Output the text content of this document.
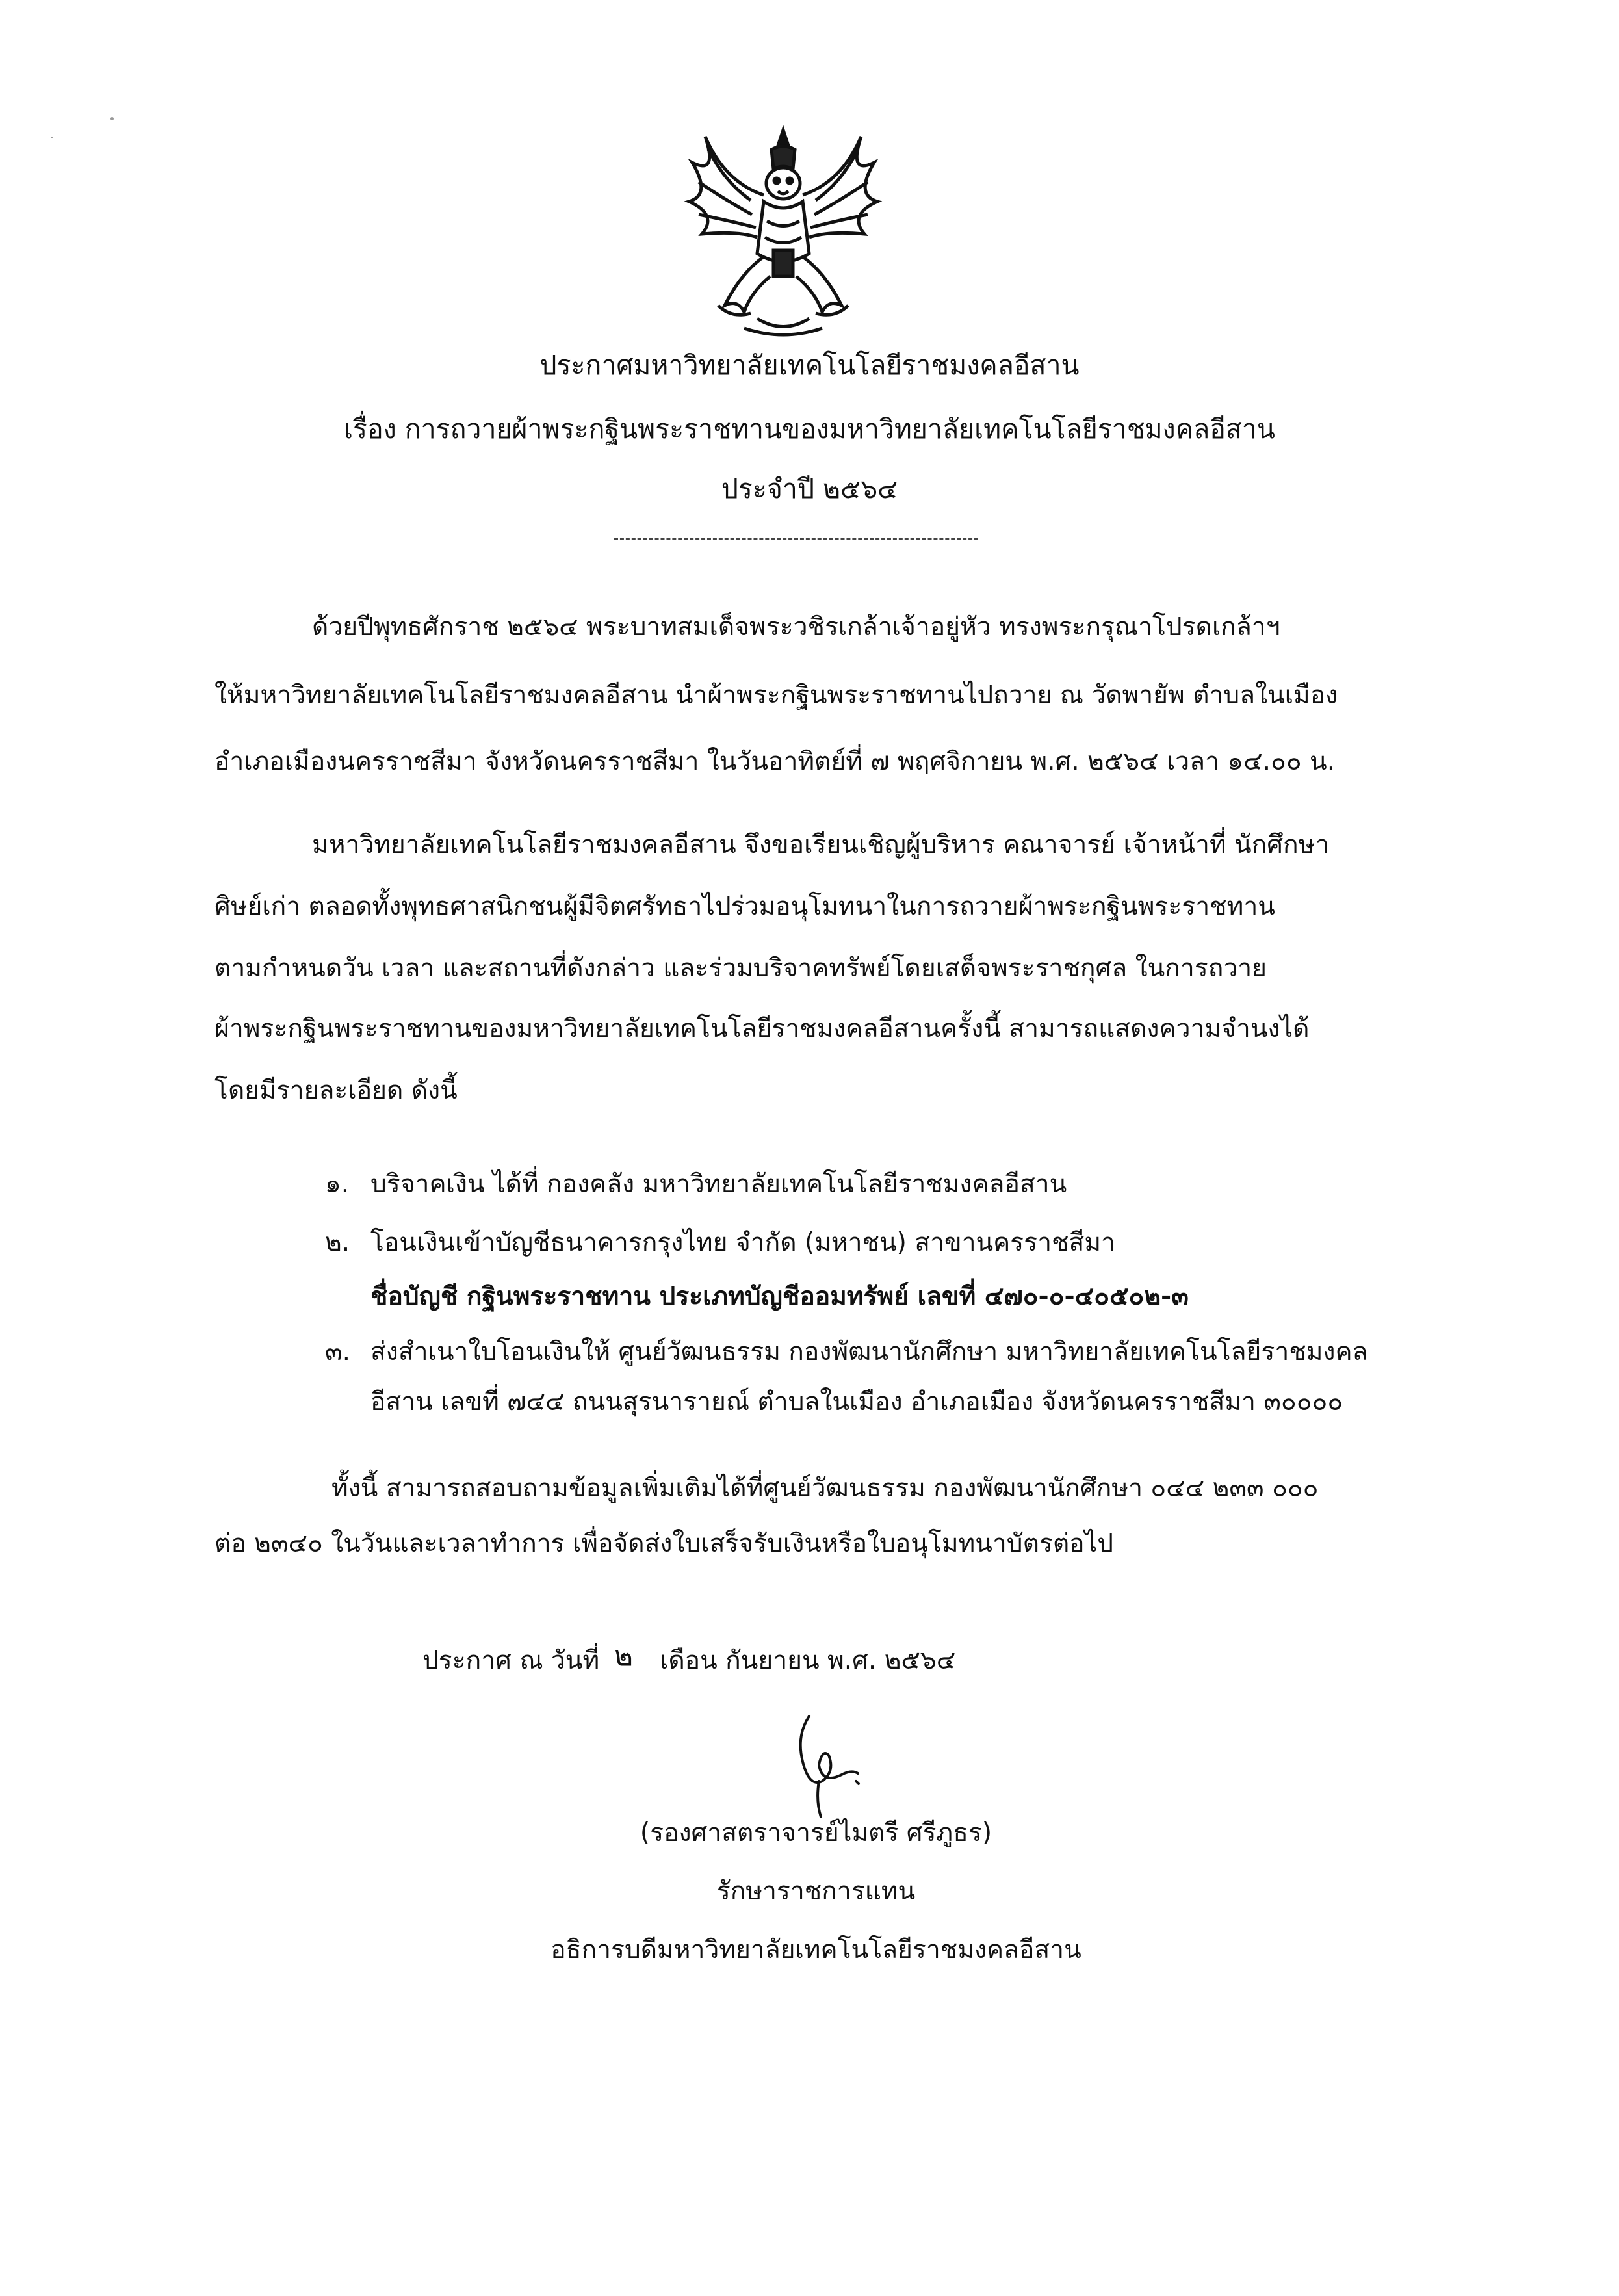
ประกาศมหาวิทยาลัยเทคโนโลยีราชมงคลอีสาน
เรื่อง การถวายผ้าพระกฐินพระราชทานของมหาวิทยาลัยเทคโนโลยีราชมงคลอีสาน
ประจำปี ๒๕๖๔
ด้วยปีพุทธศักราช ๒๕๖๔ พระบาทสมเด็จพระวชิรเกล้าเจ้าอยู่หัว ทรงพระกรุณาโปรดเกล้าฯ
ให้มหาวิทยาลัยเทคโนโลยีราชมงคลอีสาน นำผ้าพระกฐินพระราชทานไปถวาย ณ วัดพายัพ ตำบลในเมือง
อำเภอเมืองนครราชสีมา จังหวัดนครราชสีมา ในวันอาทิตย์ที่ ๗ พฤศจิกายน พ.ศ. ๒๕๖๔ เวลา ๑๔.๐๐ น.
มหาวิทยาลัยเทคโนโลยีราชมงคลอีสาน จึงขอเรียนเชิญผู้บริหาร คณาจารย์ เจ้าหน้าที่ นักศึกษา
ศิษย์เก่า ตลอดทั้งพุทธศาสนิกชนผู้มีจิตศรัทธาไปร่วมอนุโมทนาในการถวายผ้าพระกฐินพระราชทาน
ตามกำหนดวัน เวลา และสถานที่ดังกล่าว และร่วมบริจาคทรัพย์โดยเสด็จพระราชกุศล ในการถวาย
ผ้าพระกฐินพระราชทานของมหาวิทยาลัยเทคโนโลยีราชมงคลอีสานครั้งนี้ สามารถแสดงความจำนงได้
โดยมีรายละเอียด ดังนี้
๑. บริจาคเงิน ได้ที่ กองคลัง มหาวิทยาลัยเทคโนโลยีราชมงคลอีสาน
๒. โอนเงินเข้าบัญชีธนาคารกรุงไทย จำกัด (มหาชน) สาขานครราชสีมา
ชื่อบัญชี กฐินพระราชทาน ประเภทบัญชีออมทรัพย์ เลขที่ ๔๗๐-๐-๔๐๕๐๒-๓
๓. ส่งสำเนาใบโอนเงินให้ ศูนย์วัฒนธรรม กองพัฒนานักศึกษา มหาวิทยาลัยเทคโนโลยีราชมงคล
อีสาน เลขที่ ๗๔๔ ถนนสุรนารายณ์ ตำบลในเมือง อำเภอเมือง จังหวัดนครราชสีมา ๓๐๐๐๐
ทั้งนี้ สามารถสอบถามข้อมูลเพิ่มเติมได้ที่ศูนย์วัฒนธรรม กองพัฒนานักศึกษา ๐๔๔ ๒๓๓ ๐๐๐
ต่อ ๒๓๔๐ ในวันและเวลาทำการ เพื่อจัดส่งใบเสร็จรับเงินหรือใบอนุโมทนาบัตรต่อไป
ประกาศ ณ วันที่ ๒ เดือน กันยายน พ.ศ. ๒๕๖๔
(รองศาสตราจารย์ไมตรี ศรีภูธร)
รักษาราชการแทน
อธิการบดีมหาวิทยาลัยเทคโนโลยีราชมงคลอีสาน
